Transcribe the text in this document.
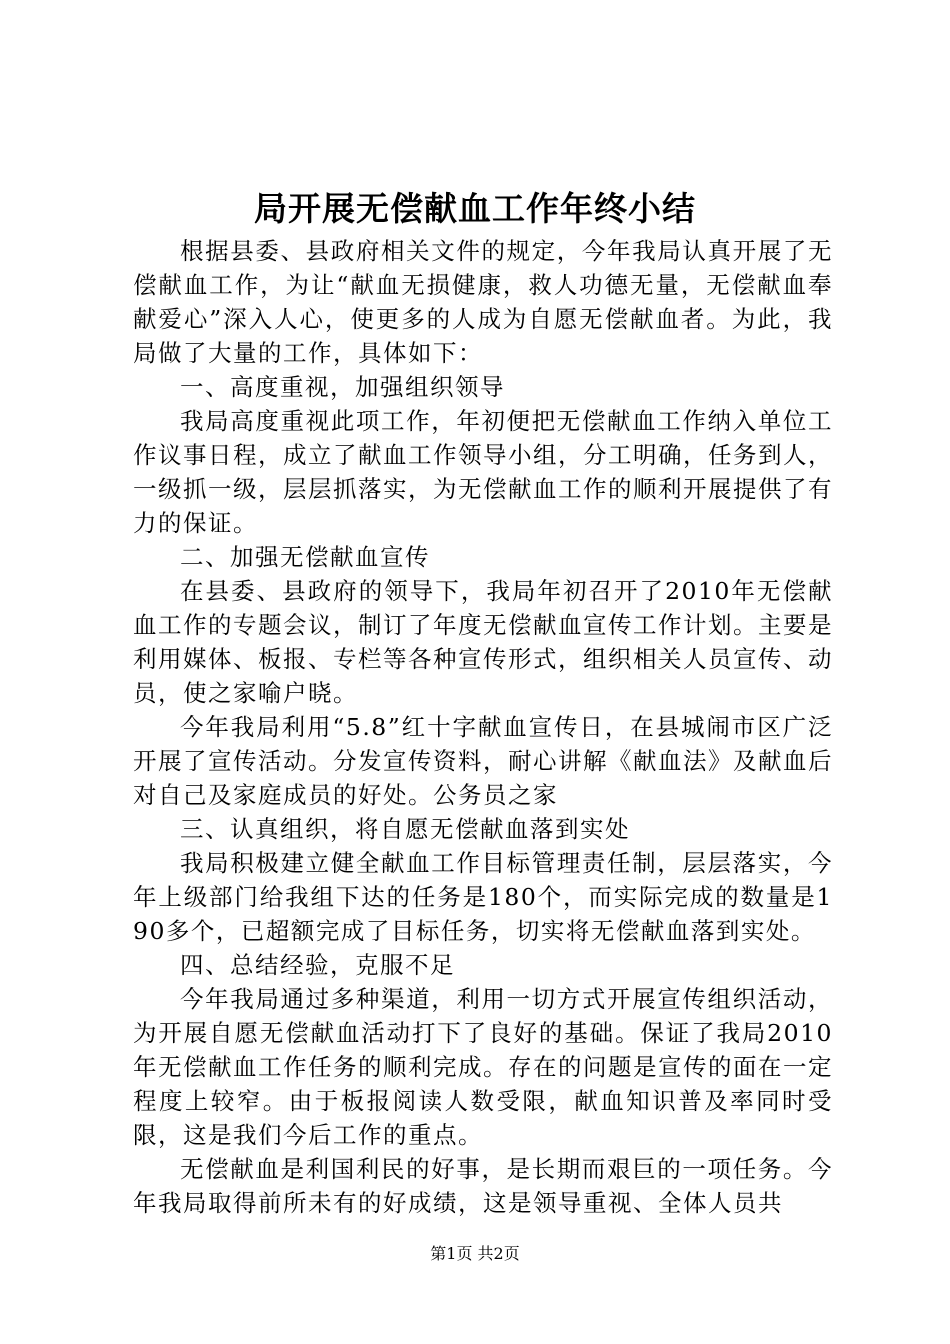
局开展无偿献血工作年终小结

根据县委、县政府相关文件的规定，今年我局认真开展了无偿献血工作，为让“献血无损健康，救人功德无量，无偿献血奉献爱心”深入人心，使更多的人成为自愿无偿献血者。为此，我局做了大量的工作，具体如下：

一、高度重视，加强组织领导

我局高度重视此项工作，年初便把无偿献血工作纳入单位工作议事日程，成立了献血工作领导小组，分工明确，任务到人，一级抓一级，层层抓落实，为无偿献血工作的顺利开展提供了有力的保证。

二、加强无偿献血宣传

在县委、县政府的领导下，我局年初召开了2010年无偿献血工作的专题会议，制订了年度无偿献血宣传工作计划。主要是利用媒体、板报、专栏等各种宣传形式，组织相关人员宣传、动员，使之家喻户晓。

今年我局利用“5.8”红十字献血宣传日，在县城闹市区广泛开展了宣传活动。分发宣传资料，耐心讲解《献血法》及献血后对自己及家庭成员的好处。公务员之家

三、认真组织，将自愿无偿献血落到实处

我局积极建立健全献血工作目标管理责任制，层层落实，今年上级部门给我组下达的任务是180个，而实际完成的数量是190多个，已超额完成了目标任务，切实将无偿献血落到实处。

四、总结经验，克服不足

今年我局通过多种渠道，利用一切方式开展宣传组织活动，为开展自愿无偿献血活动打下了良好的基础。保证了我局2010年无偿献血工作任务的顺利完成。存在的问题是宣传的面在一定程度上较窄。由于板报阅读人数受限，献血知识普及率同时受限，这是我们今后工作的重点。

无偿献血是利国利民的好事，是长期而艰巨的一项任务。今年我局取得前所未有的好成绩，这是领导重视、全体人员共

第1页 共2页
